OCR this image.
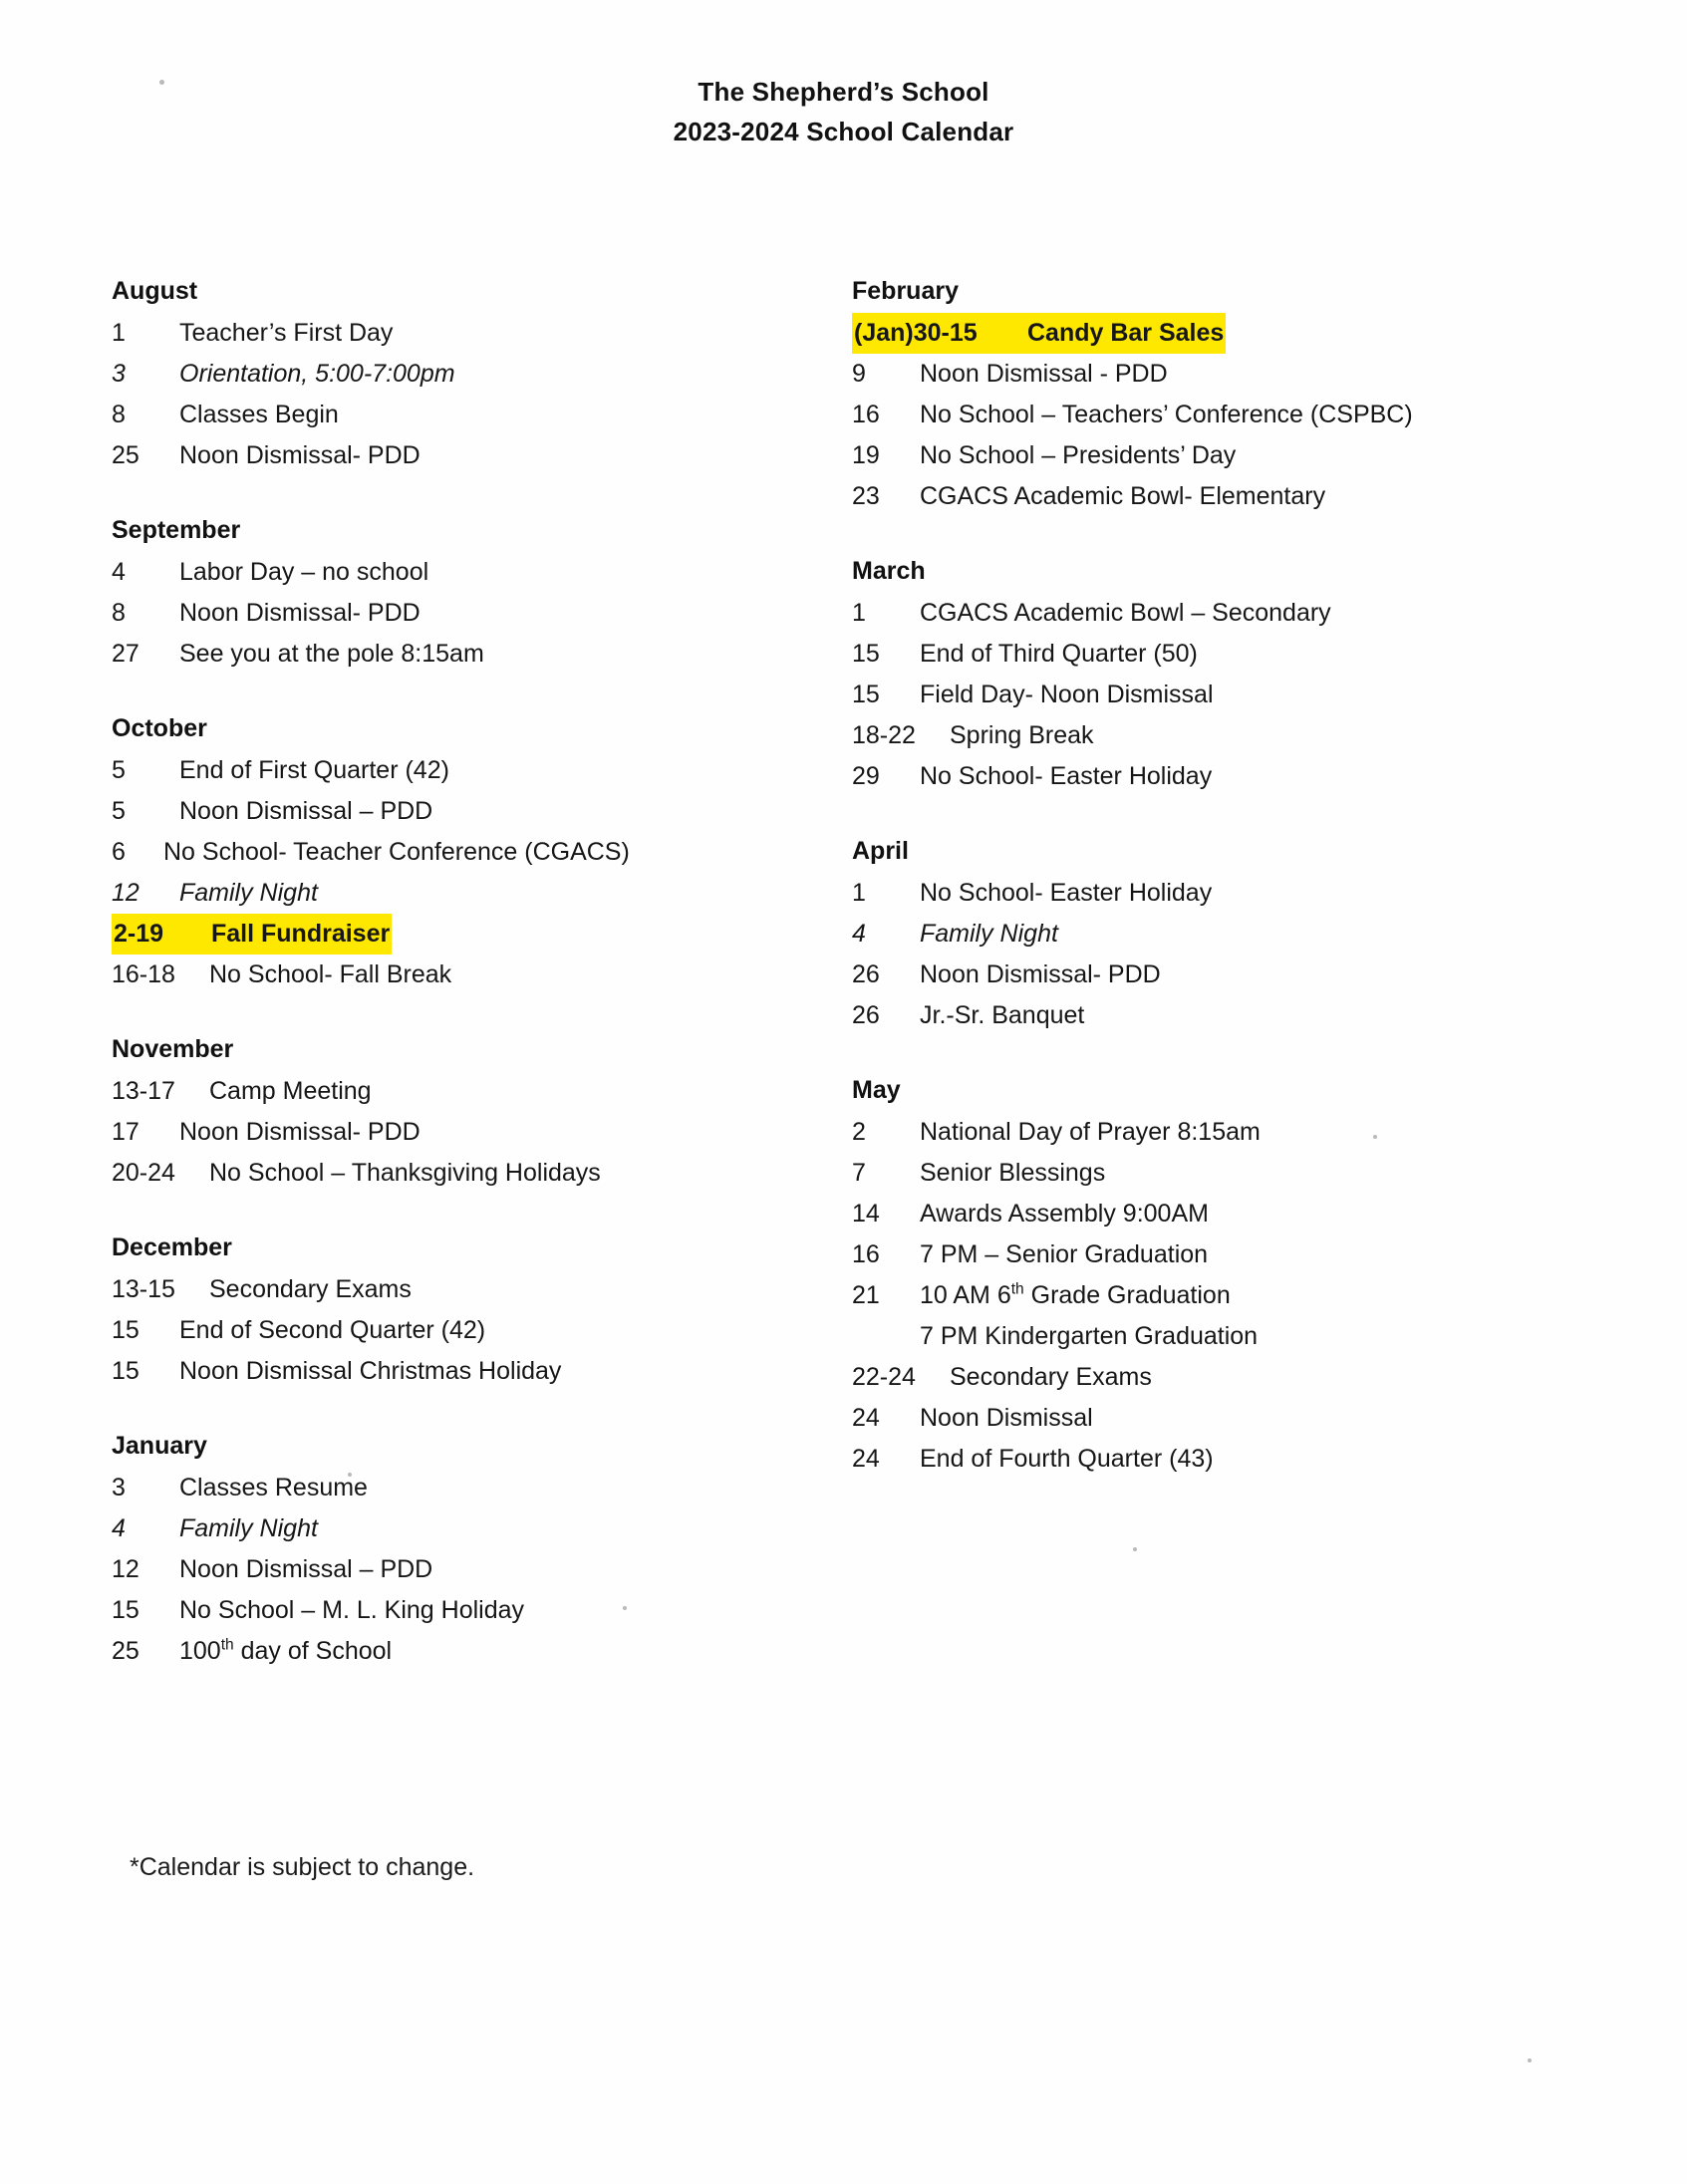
The Shepherd’s School
2023-2024 School Calendar
August
1	Teacher’s First Day
3	Orientation, 5:00-7:00pm
8	Classes Begin
25	Noon Dismissal- PDD
September
4	Labor Day – no school
8	Noon Dismissal- PDD
27	See you at the pole 8:15am
October
5	End of First Quarter (42)
5	Noon Dismissal – PDD
6	No School- Teacher Conference (CGACS)
12	Family Night
2-19	Fall Fundraiser
16-18	No School- Fall Break
November
13-17	Camp Meeting
17	Noon Dismissal- PDD
20-24	No School – Thanksgiving Holidays
December
13-15	Secondary Exams
15	End of Second Quarter (42)
15	Noon Dismissal Christmas Holiday
January
3	Classes Resume
4	Family Night
12	Noon Dismissal – PDD
15	No School – M. L. King Holiday
25	100th day of School
February
(Jan)30-15	Candy Bar Sales
9	Noon Dismissal - PDD
16	No School – Teachers’ Conference (CSPBC)
19	No School – Presidents’ Day
23	CGACS Academic Bowl- Elementary
March
1	CGACS Academic Bowl – Secondary
15	End of Third Quarter (50)
15	Field Day- Noon Dismissal
18-22	Spring Break
29	No School- Easter Holiday
April
1	No School- Easter Holiday
4	Family Night
26	Noon Dismissal- PDD
26	Jr.-Sr. Banquet
May
2	National Day of Prayer 8:15am
7	Senior Blessings
14	Awards Assembly 9:00AM
16	7 PM – Senior Graduation
21	10 AM 6th Grade Graduation
7 PM Kindergarten Graduation
22-24	Secondary Exams
24	Noon Dismissal
24	End of Fourth Quarter (43)
*Calendar is subject to change.
